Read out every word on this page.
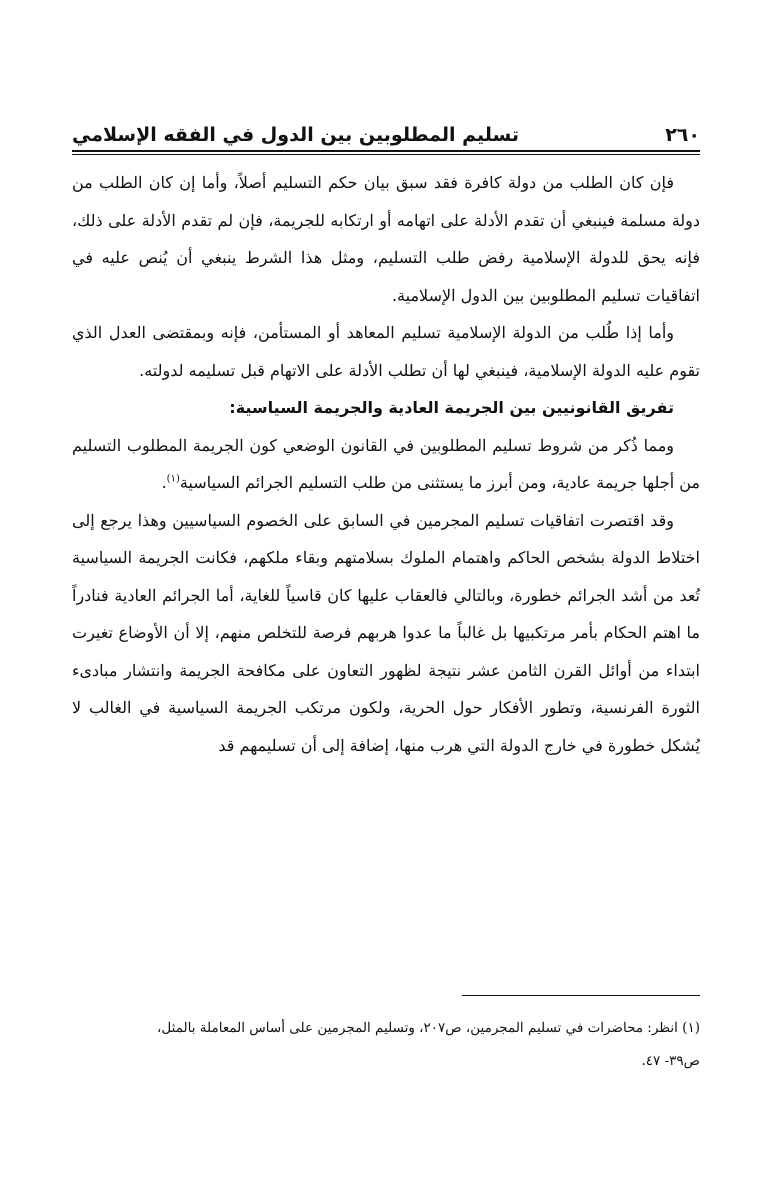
٢٦٠
تسليم المطلوبين بين الدول في الفقه الإسلامي

فإن كان الطلب من دولة كافرة فقد سبق بيان حكم التسليم أصلاً، وأما إن كان الطلب من دولة مسلمة فينبغي أن تقدم الأدلة على اتهامه أو ارتكابه للجريمة، فإن لم تقدم الأدلة على ذلك، فإنه يحق للدولة الإسلامية رفض طلب التسليم، ومثل هذا الشرط ينبغي أن يُنص عليه في اتفاقيات تسليم المطلوبين بين الدول الإسلامية.

وأما إذا طُلب من الدولة الإسلامية تسليم المعاهد أو المستأمن، فإنه وبمقتضى العدل الذي تقوم عليه الدولة الإسلامية، فينبغي لها أن تطلب الأدلة على الاتهام قبل تسليمه لدولته.

تفريق القانونيين بين الجريمة العادية والجريمة السياسية:

ومما ذُكر من شروط تسليم المطلوبين في القانون الوضعي كون الجريمة المطلوب التسليم من أجلها جريمة عادية، ومن أبرز ما يستثنى من طلب التسليم الجرائم السياسية$^{(١)}$.

وقد اقتصرت اتفاقيات تسليم المجرمين في السابق على الخصوم السياسيين وهذا يرجع إلى اختلاط الدولة بشخص الحاكم واهتمام الملوك بسلامتهم وبقاء ملكهم، فكانت الجريمة السياسية تُعد من أشد الجرائم خطورة، وبالتالي فالعقاب عليها كان قاسياً للغاية، أما الجرائم العادية فنادراً ما اهتم الحكام بأمر مرتكبيها بل غالباً ما عدوا هربهم فرصة للتخلص منهم، إلا أن الأوضاع تغيرت ابتداء من أوائل القرن الثامن عشر نتيجة لظهور التعاون على مكافحة الجريمة وانتشار مبادىء الثورة الفرنسية، وتطور الأفكار حول الحرية، ولكون مرتكب الجريمة السياسية في الغالب لا يُشكل خطورة في خارج الدولة التي هرب منها، إضافة إلى أن تسليمهم قد

(١) انظر: محاضرات في تسليم المجرمين، ص٢٠٧، وتسليم المجرمين على أساس المعاملة بالمثل،

ص٣٩- ٤٧.
